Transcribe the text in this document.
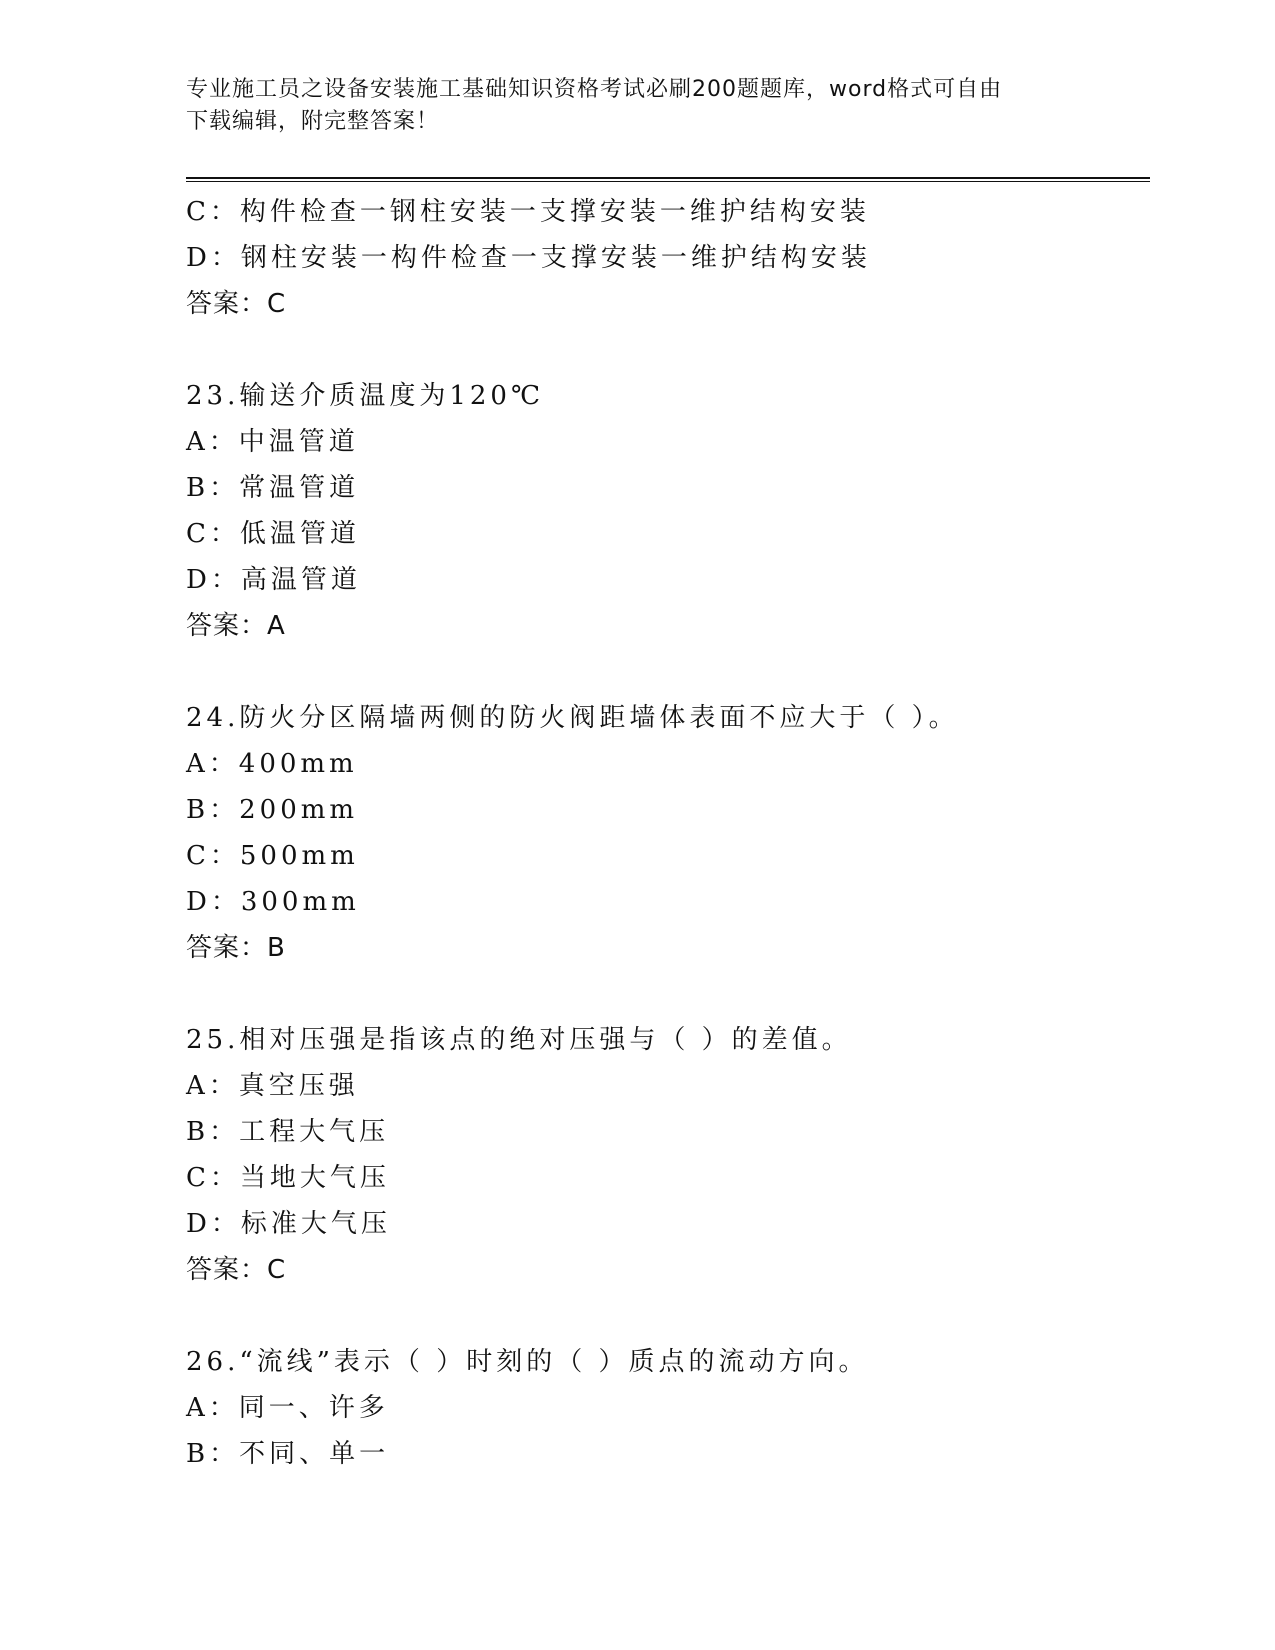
专业施工员之设备安装施工基础知识资格考试必刷200题题库，word格式可自由
下载编辑，附完整答案！
C：构件检查一钢柱安装一支撑安装一维护结构安装
D：钢柱安装一构件检查一支撑安装一维护结构安装
答案：C
23.输送介质温度为120℃
A：中温管道
B：常温管道
C：低温管道
D：高温管道
答案：A
24.防火分区隔墙两侧的防火阀距墙体表面不应大于（ ）。
A：400mm
B：200mm
C：500mm
D：300mm
答案：B
25.相对压强是指该点的绝对压强与（ ）的差值。
A：真空压强
B：工程大气压
C：当地大气压
D：标准大气压
答案：C
26.“流线”表示（ ）时刻的（ ）质点的流动方向。
A：同一、许多
B：不同、单一
